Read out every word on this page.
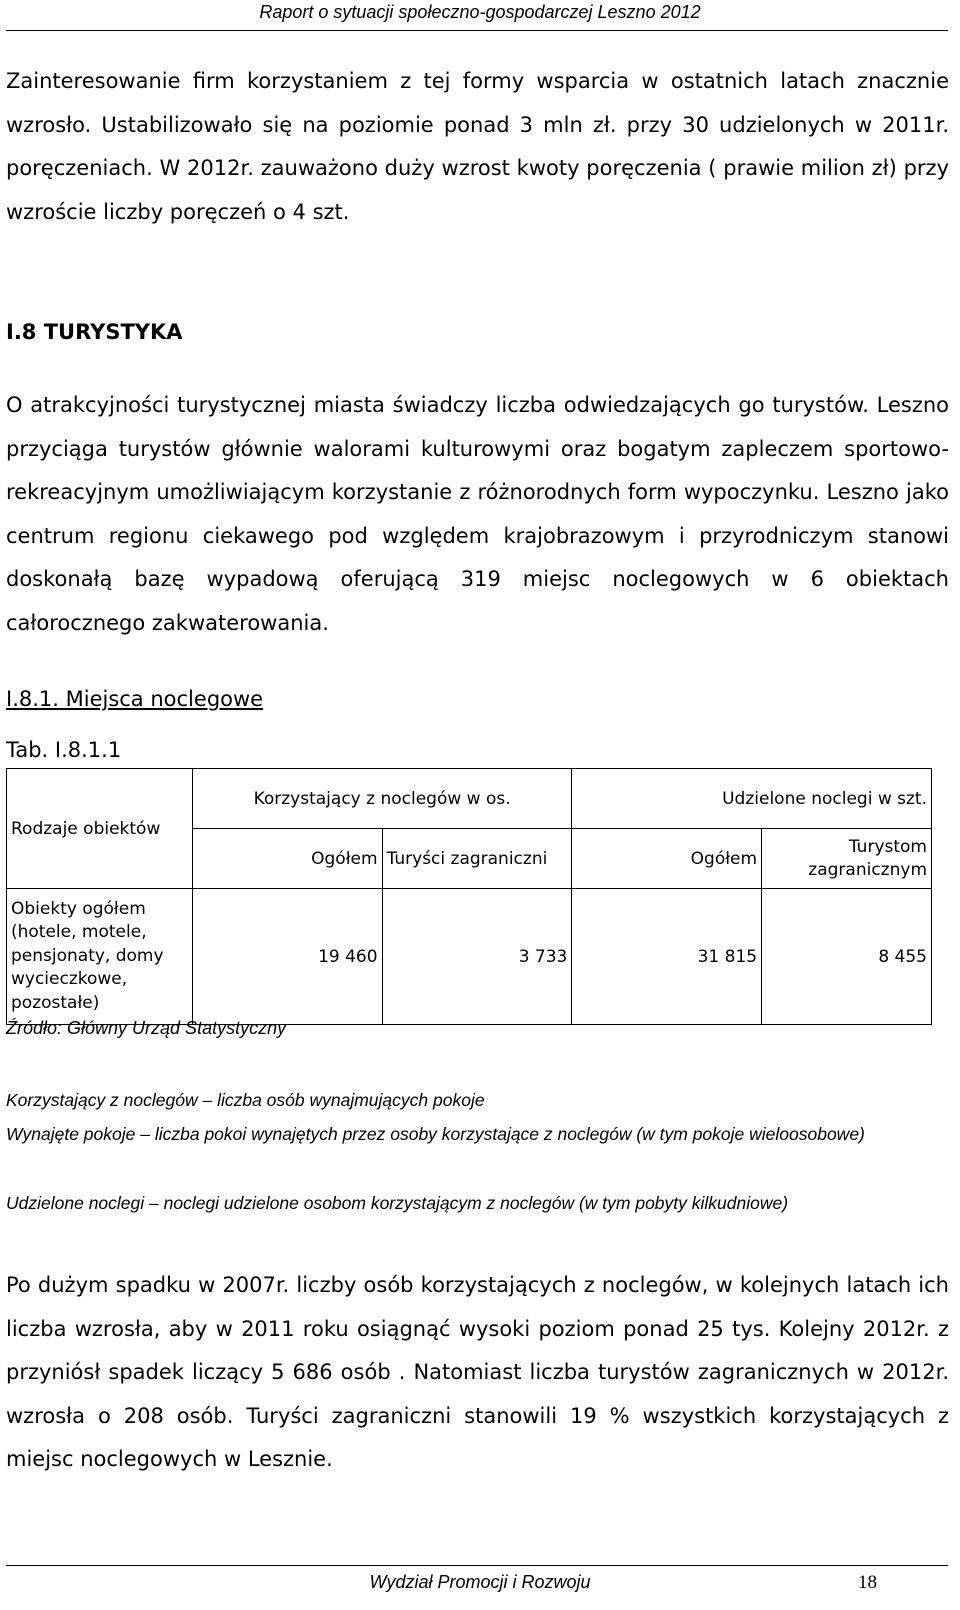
Raport o sytuacji społeczno-gospodarczej Leszno 2012

Zainteresowanie firm korzystaniem z tej formy wsparcia w ostatnich latach znacznie wzrosło. Ustabilizowało się na poziomie ponad 3 mln zł. przy 30 udzielonych w 2011r. poręczeniach. W 2012r. zauważono duży wzrost kwoty poręczenia ( prawie milion zł) przy wzroście liczby poręczeń o 4 szt.

I.8 TURYSTYKA

O atrakcyjności turystycznej miasta świadczy liczba odwiedzających go turystów. Leszno przyciąga turystów głównie walorami kulturowymi oraz bogatym zapleczem sportowo-rekreacyjnym umożliwiającym korzystanie z różnorodnych form wypoczynku. Leszno jako centrum regionu ciekawego pod względem krajobrazowym i przyrodniczym stanowi doskonałą bazę wypadową oferującą 319 miejsc noclegowych w 6 obiektach całorocznego zakwaterowania.

I.8.1. Miejsca noclegowe
Tab. I.8.1.1
Rodzaje obiektów	Korzystający z noclegów w os.		Udzielone noclegi w szt.	
	Ogółem	Turyści zagraniczni	Ogółem	Turystom zagranicznym
Obiekty ogółem (hotele, motele, pensjonaty, domy wycieczkowe, pozostałe)	19 460	3 733	31 815	8 455
Źródło: Główny Urząd Statystyczny

Korzystający z noclegów – liczba osób wynajmujących pokoje

Wynajęte pokoje – liczba pokoi wynajętych przez osoby korzystające z noclegów (w tym pokoje wieloosobowe)

Udzielone noclegi – noclegi udzielone osobom korzystającym z noclegów (w tym pobyty kilkudniowe)

Po dużym spadku w 2007r. liczby osób korzystających z noclegów, w kolejnych latach ich liczba wzrosła, aby w 2011 roku osiągnąć wysoki poziom ponad 25 tys. Kolejny 2012r. z przyniósł spadek liczący 5 686 osób . Natomiast liczba turystów zagranicznych w 2012r. wzrosła o 208 osób. Turyści zagraniczni stanowili 19 % wszystkich korzystających z miejsc noclegowych w Lesznie.

Wydział Promocji i Rozwoju	18
